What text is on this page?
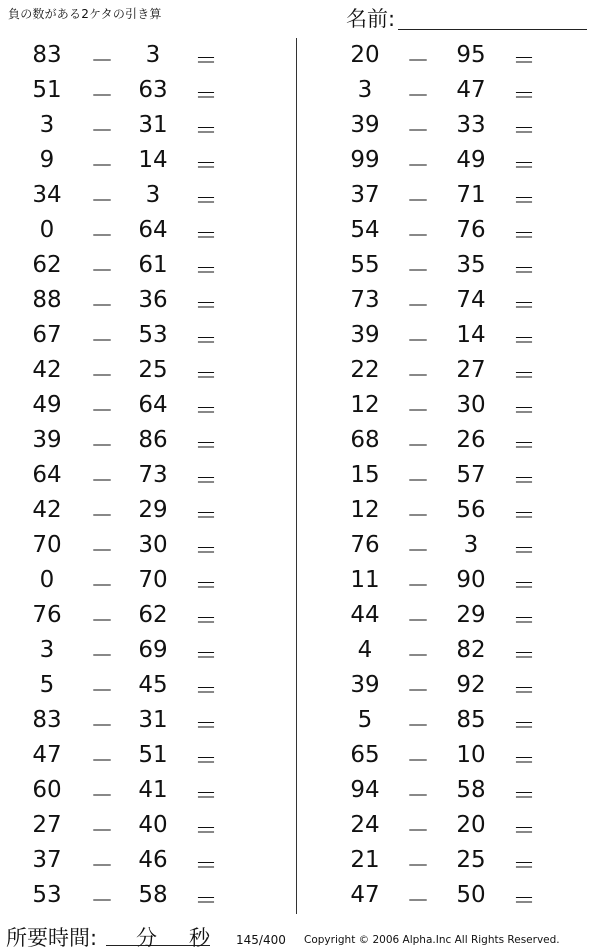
負の数がある2ケタの引き算	名前:
83	－	3	＝
51	－	63	＝
3	－	31	＝
9	－	14	＝
34	－	3	＝
0	－	64	＝
62	－	61	＝
88	－	36	＝
67	－	53	＝
42	－	25	＝
49	－	64	＝
39	－	86	＝
64	－	73	＝
42	－	29	＝
70	－	30	＝
0	－	70	＝
76	－	62	＝
3	－	69	＝
5	－	45	＝
83	－	31	＝
47	－	51	＝
60	－	41	＝
27	－	40	＝
37	－	46	＝
53	－	58	＝
20	－	95	＝
3	－	47	＝
39	－	33	＝
99	－	49	＝
37	－	71	＝
54	－	76	＝
55	－	35	＝
73	－	74	＝
39	－	14	＝
22	－	27	＝
12	－	30	＝
68	－	26	＝
15	－	57	＝
12	－	56	＝
76	－	3	＝
11	－	90	＝
44	－	29	＝
4	－	82	＝
39	－	92	＝
5	－	85	＝
65	－	10	＝
94	－	58	＝
24	－	20	＝
21	－	25	＝
47	－	50	＝
所要時間: 分 秒 145/400 Copyright © 2006 Alpha.Inc All Rights Reserved.
